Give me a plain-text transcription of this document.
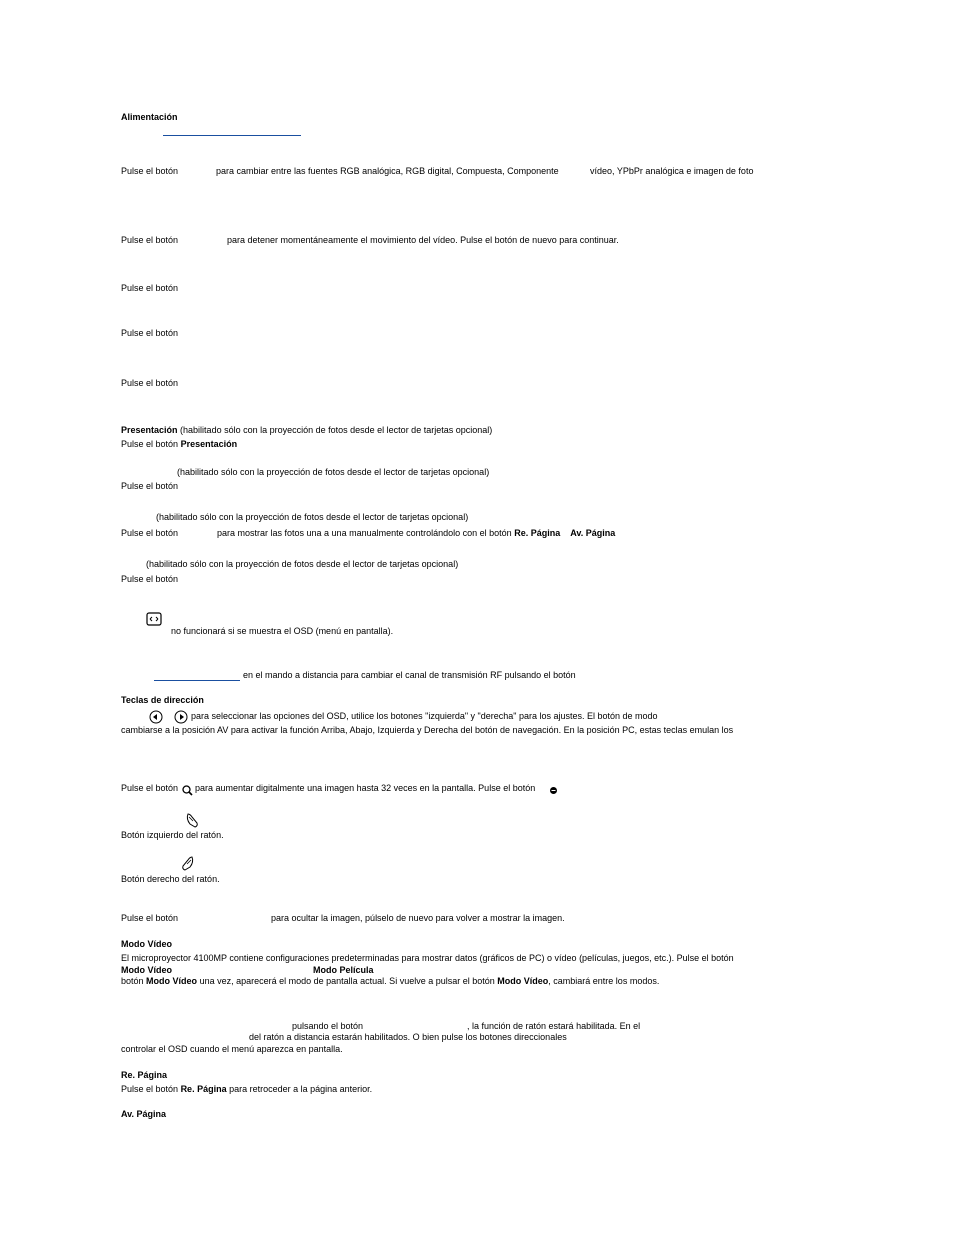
Alimentación
Pulse el botón	para cambiar entre las fuentes RGB analógica, RGB digital, Compuesta, Componente	vídeo, YPbPr analógica e imagen de foto
Pulse el botón	para detener momentáneamente el movimiento del vídeo. Pulse el botón de nuevo para continuar.
Pulse el botón
Pulse el botón
Pulse el botón
Presentación (habilitado sólo con la proyección de fotos desde el lector de tarjetas opcional)
Pulse el botón Presentación
(habilitado sólo con la proyección de fotos desde el lector de tarjetas opcional)
Pulse el botón
(habilitado sólo con la proyección de fotos desde el lector de tarjetas opcional)
Pulse el botón	para mostrar las fotos una a una manualmente controlándolo con el botón Re. Página Av. Página
(habilitado sólo con la proyección de fotos desde el lector de tarjetas opcional)
Pulse el botón
no funcionará si se muestra el OSD (menú en pantalla).
en el mando a distancia para cambiar el canal de transmisión RF pulsando el botón
Teclas de dirección
para seleccionar las opciones del OSD, utilice los botones "izquierda" y "derecha" para los ajustes. El botón de modo
cambiarse a la posición AV para activar la función Arriba, Abajo, Izquierda y Derecha del botón de navegación. En la posición PC, estas teclas emulan los
Pulse el botón para aumentar digitalmente una imagen hasta 32 veces en la pantalla. Pulse el botón
Botón izquierdo del ratón.
Botón derecho del ratón.
Pulse el botón	para ocultar la imagen, púlselo de nuevo para volver a mostrar la imagen.
Modo Vídeo
El microproyector 4100MP contiene configuraciones predeterminadas para mostrar datos (gráficos de PC) o vídeo (películas, juegos, etc.). Pulse el botón
Modo Vídeo	Modo Película
botón Modo Vídeo una vez, aparecerá el modo de pantalla actual. Si vuelve a pulsar el botón Modo Vídeo, cambiará entre los modos.
pulsando el botón	, la función de ratón estará habilitada. En el
del ratón a distancia estarán habilitados. O bien pulse los botones direccionales
controlar el OSD cuando el menú aparezca en pantalla.
Re. Página
Pulse el botón Re. Página para retroceder a la página anterior.
Av. Página
